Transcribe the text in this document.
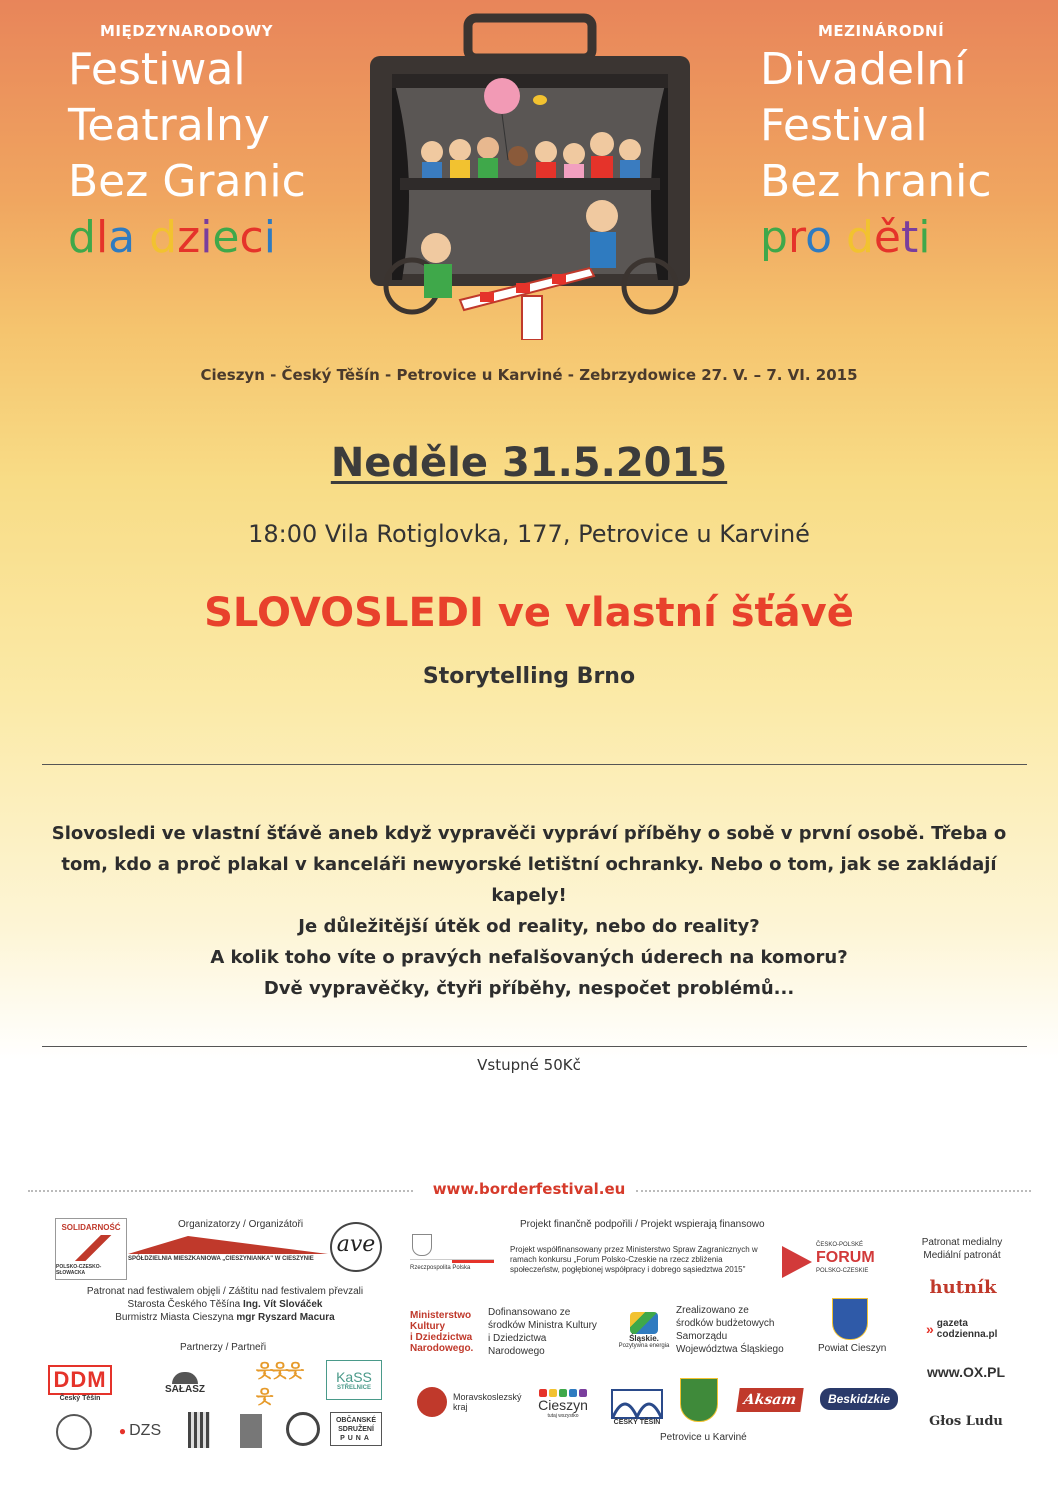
MIĘDZYNARODOWY
Festiwal
Teatralny
Bez Granic
dla dzieci
MEZINÁRODNÍ
Divadelní
Festival
Bez hranic
pro děti
Cieszyn - Český Těšín - Petrovice u Karviné - Zebrzydowice 27. V. – 7. VI. 2015
Neděle 31.5.2015
18:00 Vila Rotiglovka, 177, Petrovice u Karviné
SLOVOSLEDI ve vlastní šťávě
Storytelling Brno
Slovosledi ve vlastní šťávě aneb když vypravěči vypráví příběhy o sobě v první osobě. Třeba o tom, kdo a proč plakal v kanceláři newyorské letištní ochranky. Nebo o tom, jak se zakládají kapely!
Je důležitější útěk od reality, nebo do reality?
A kolik toho víte o pravých nefalšovaných úderech na komoru?
Dvě vypravěčky, čtyři příběhy, nespočet problémů...
Vstupné 50Kč
www.borderfestival.eu
Organizatorzy / Organizátoři
SOLIDARNOŚĆ
POLSKO-CZESKO-SŁOWACKA
SPÓŁDZIELNIA MIESZKANIOWA „CIESZYNIANKA" W CIESZYNIE
ave
Patronat nad festiwalem objęli / Záštitu nad festivalem převzali
Starosta Českého Těšína Ing. Vít Slováček
Burmistrz Miasta Cieszyna mgr Ryszard Macura
Partnerzy / Partneři
DDM
Český Těšín
SAŁASZ
웃웃웃웃
KaSS
STŘELNICE
● DZS
OBČANSKÉ
SDRUŽENÍ
PUNA
Projekt finančně podpořili / Projekt wspierają finansowo
Rzeczpospolita Polska
Projekt współfinansowany przez Ministerstwo Spraw Zagranicznych w ramach konkursu „Forum Polsko-Czeskie na rzecz zbliżenia społeczeństw, pogłębionej współpracy i dobrego sąsiedztwa 2015"
ČESKO-POLSKÉ
FORUM
POLSKO-CZESKIE
Ministerstwo
Kultury
i Dziedzictwa
Narodowego.
Dofinansowano ze środków Ministra Kultury i Dziedzictwa Narodowego
Śląskie.
Pozytywna energia
Zrealizowano ze środków budżetowych Samorządu Województwa Śląskiego	Powiat Cieszyn
Moravskoslezský kraj	Cieszyn
tutaj wszystko
ČESKÝ TĚŠÍN
Petrovice u Karviné
Aksam	Beskidzkie
Patronat medialny Mediální patronát
hutník
» gazeta codzienna.pl
www.OX.PL
Głos Ludu
